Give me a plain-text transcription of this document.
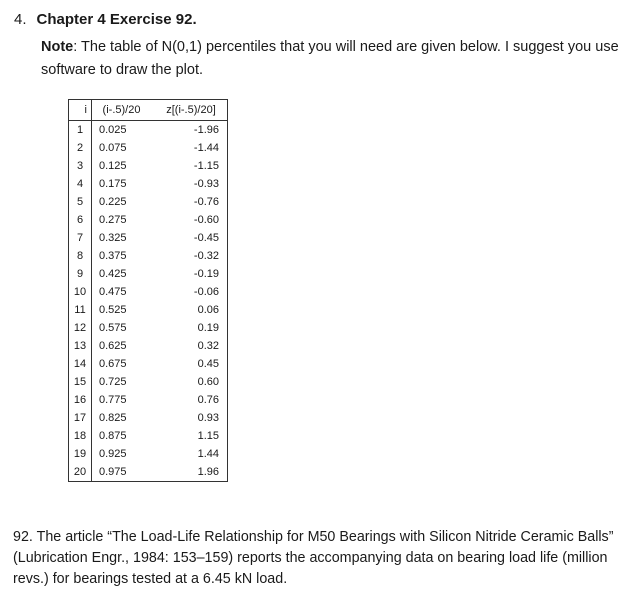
4. Chapter 4 Exercise 92.
Note: The table of N(0,1) percentiles that you will need are given below. I suggest you use software to draw the plot.
i	(i-.5)/20	z[(i-.5)/20]
1	0.025	-1.96
2	0.075	-1.44
3	0.125	-1.15
4	0.175	-0.93
5	0.225	-0.76
6	0.275	-0.60
7	0.325	-0.45
8	0.375	-0.32
9	0.425	-0.19
10	0.475	-0.06
11	0.525	0.06
12	0.575	0.19
13	0.625	0.32
14	0.675	0.45
15	0.725	0.60
16	0.775	0.76
17	0.825	0.93
18	0.875	1.15
19	0.925	1.44
20	0.975	1.96
92. The article “The Load-Life Relationship for M50 Bearings with Silicon Nitride Ceramic Balls” (Lubrication Engr., 1984: 153–159) reports the accompanying data on bearing load life (million revs.) for bearings tested at a 6.45 kN load.
